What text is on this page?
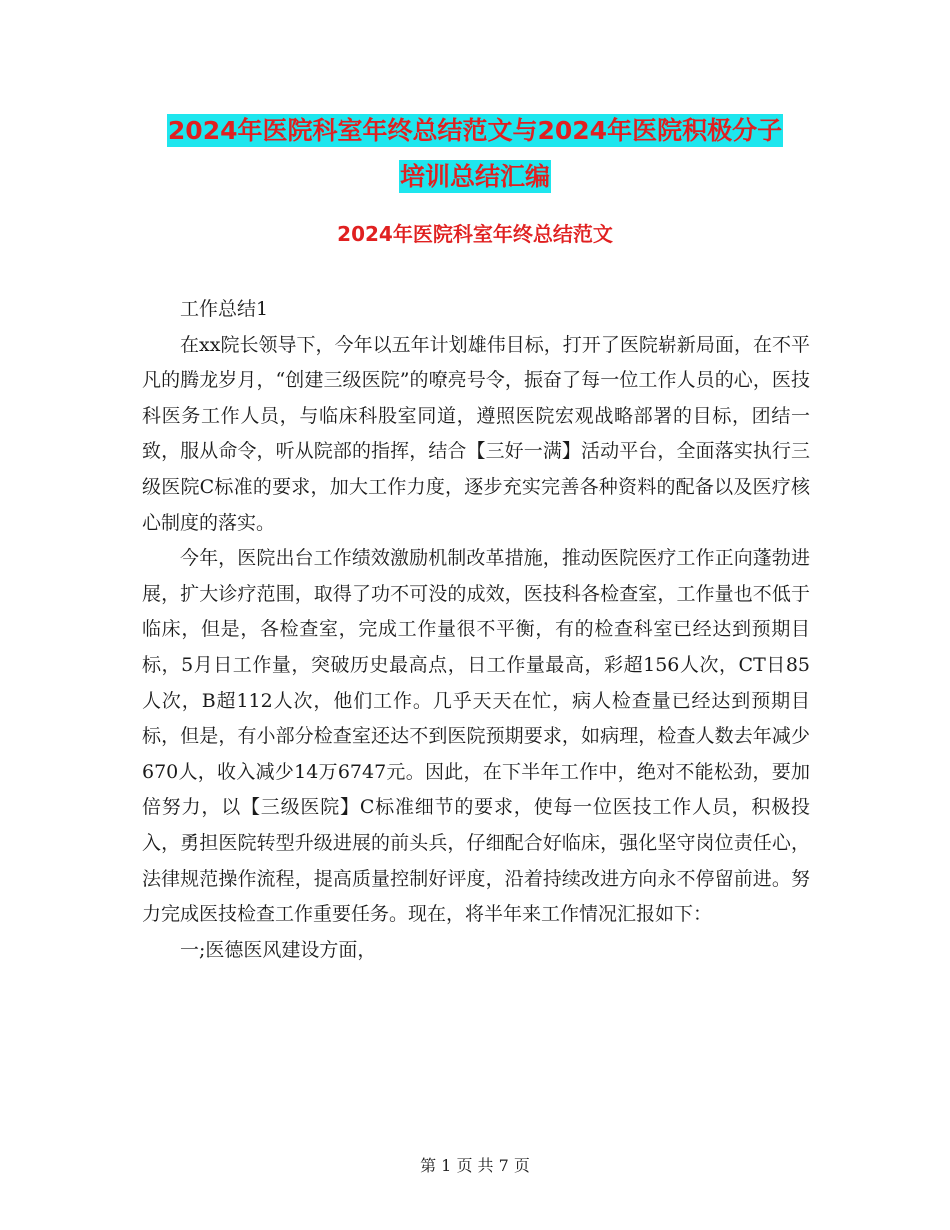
2024年医院科室年终总结范文与2024年医院积极分子
培训总结汇编
2024年医院科室年终总结范文

工作总结1

在xx院长领导下，今年以五年计划雄伟目标，打开了医院崭新局面，在不平凡的腾龙岁月，“创建三级医院”的嘹亮号令，振奋了每一位工作人员的心，医技科医务工作人员，与临床科股室同道，遵照医院宏观战略部署的目标，团结一致，服从命令，听从院部的指挥，结合【三好一满】活动平台，全面落实执行三级医院C标准的要求，加大工作力度，逐步充实完善各种资料的配备以及医疗核心制度的落实。

今年，医院出台工作绩效激励机制改革措施，推动医院医疗工作正向蓬勃进展，扩大诊疗范围，取得了功不可没的成效，医技科各检查室，工作量也不低于临床，但是，各检查室，完成工作量很不平衡，有的检查科室已经达到预期目标，5月日工作量，突破历史最高点，日工作量最高，彩超156人次，CT日85人次，B超112人次，他们工作。几乎天天在忙，病人检查量已经达到预期目标，但是，有小部分检查室还达不到医院预期要求，如病理，检查人数去年减少670人，收入减少14万6747元。因此，在下半年工作中，绝对不能松劲，要加倍努力，以【三级医院】C标准细节的要求，使每一位医技工作人员，积极投入，勇担医院转型升级进展的前头兵，仔细配合好临床，强化坚守岗位责任心，法律规范操作流程，提高质量控制好评度，沿着持续改进方向永不停留前进。努力完成医技检查工作重要任务。现在，将半年来工作情况汇报如下：

一;医德医风建设方面，

第 1 页 共 7 页
